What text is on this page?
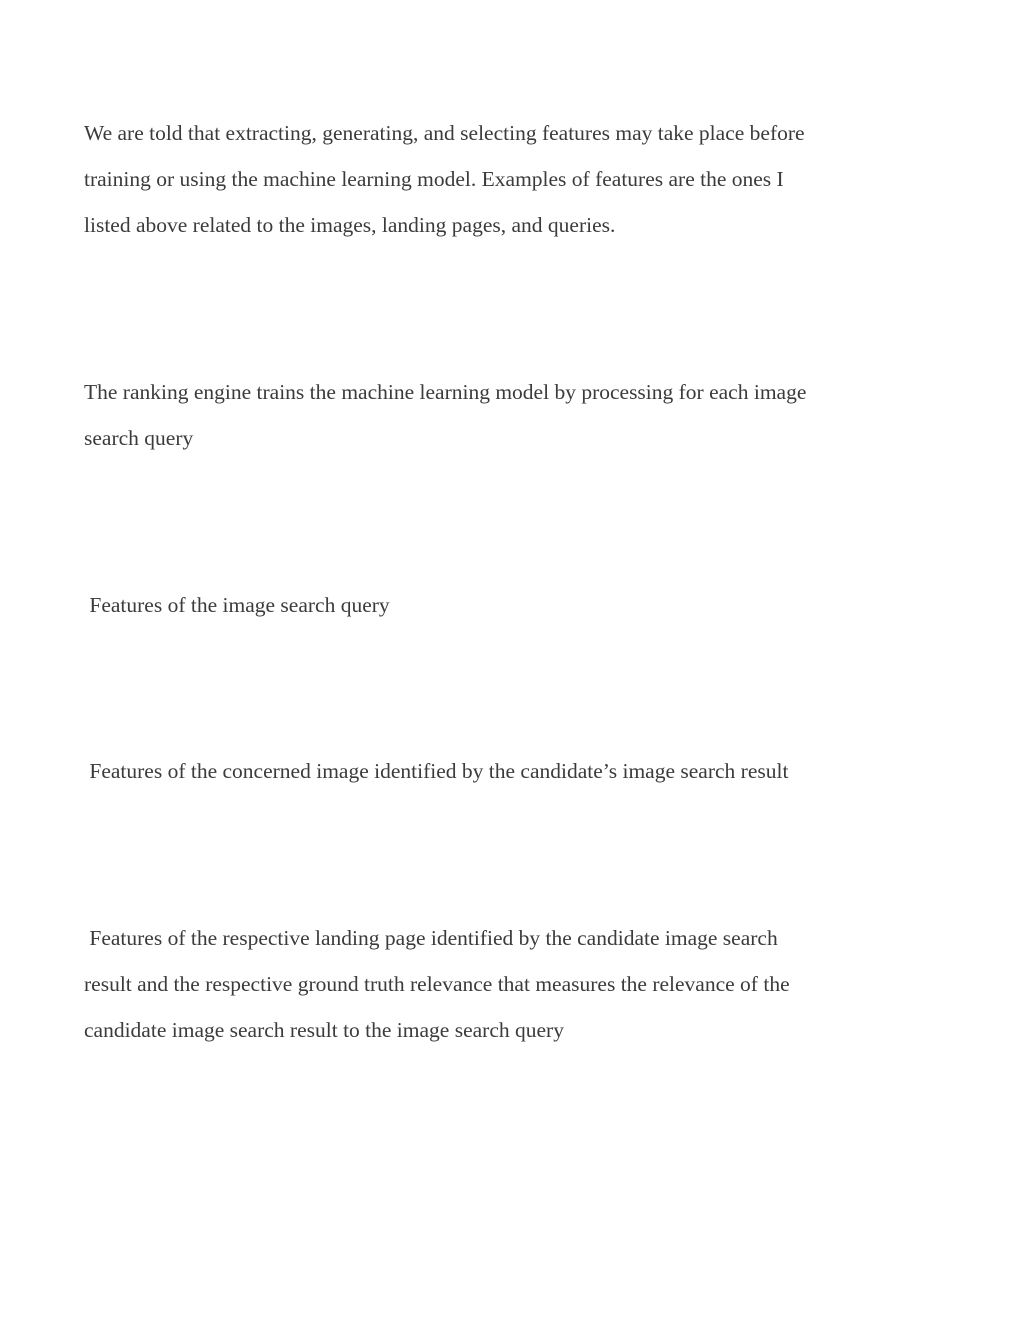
We are told that extracting, generating, and selecting features may take place before
training or using the machine learning model. Examples of features are the ones I
listed above related to the images, landing pages, and queries.

The ranking engine trains the machine learning model by processing for each image
search query

Features of the image search query

Features of the concerned image identified by the candidate’s image search result

Features of the respective landing page identified by the candidate image search
result and the respective ground truth relevance that measures the relevance of the
candidate image search result to the image search query
